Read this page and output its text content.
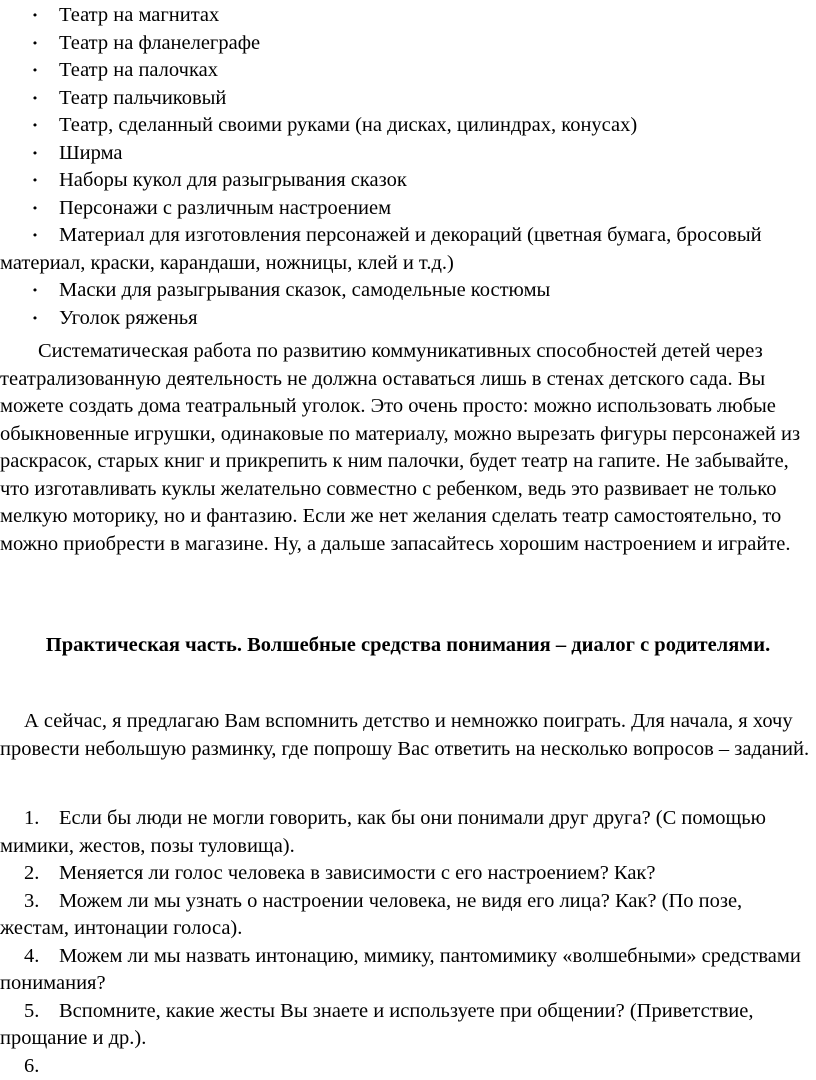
• Театр на магнитах
• Театр на фланелеграфе
• Театр на палочках
• Театр пальчиковый
• Театр, сделанный своими руками (на дисках, цилиндрах, конусах)
• Ширма
• Наборы кукол для разыгрывания сказок
• Персонажи с различным настроением
•	Материал для изготовления персонажей и декораций (цветная бумага, бросовый материал, краски, карандаши, ножницы, клей и т.д.)
• Маски для разыгрывания сказок, самодельные костюмы
• Уголок ряженья

Систематическая работа по развитию коммуникативных способностей детей через театрализованную деятельность не должна оставаться лишь в стенах детского сада. Вы можете создать дома театральный уголок. Это очень просто: можно использовать любые обыкновенные игрушки, одинаковые по материалу, можно вырезать фигуры персонажей из раскрасок, старых книг и прикрепить к ним палочки, будет театр на гапите. Не забывайте, что изготавливать куклы желательно совместно с ребенком, ведь это развивает не только мелкую моторику, но и фантазию. Если же нет желания сделать театр самостоятельно, то можно приобрести в магазине. Ну, а дальше запасайтесь хорошим настроением и играйте.

Практическая часть. Волшебные средства понимания – диалог с родителями.

А сейчас, я предлагаю Вам вспомнить детство и немножко поиграть. Для начала, я хочу провести небольшую разминку, где попрошу Вас ответить на несколько вопросов – заданий.

1. Если бы люди не могли говорить, как бы они понимали друг друга? (С помощью мимики, жестов, позы туловища).
2. Меняется ли голос человека в зависимости с его настроением? Как?
3. Можем ли мы узнать о настроении человека, не видя его лица? Как? (По позе, жестам, интонации голоса).
4. Можем ли мы назвать интонацию, мимику, пантомимику «волшебными» средствами понимания?
5. Вспомните, какие жесты Вы знаете и используете при общении? (Приветствие, прощание и др.).
6.
